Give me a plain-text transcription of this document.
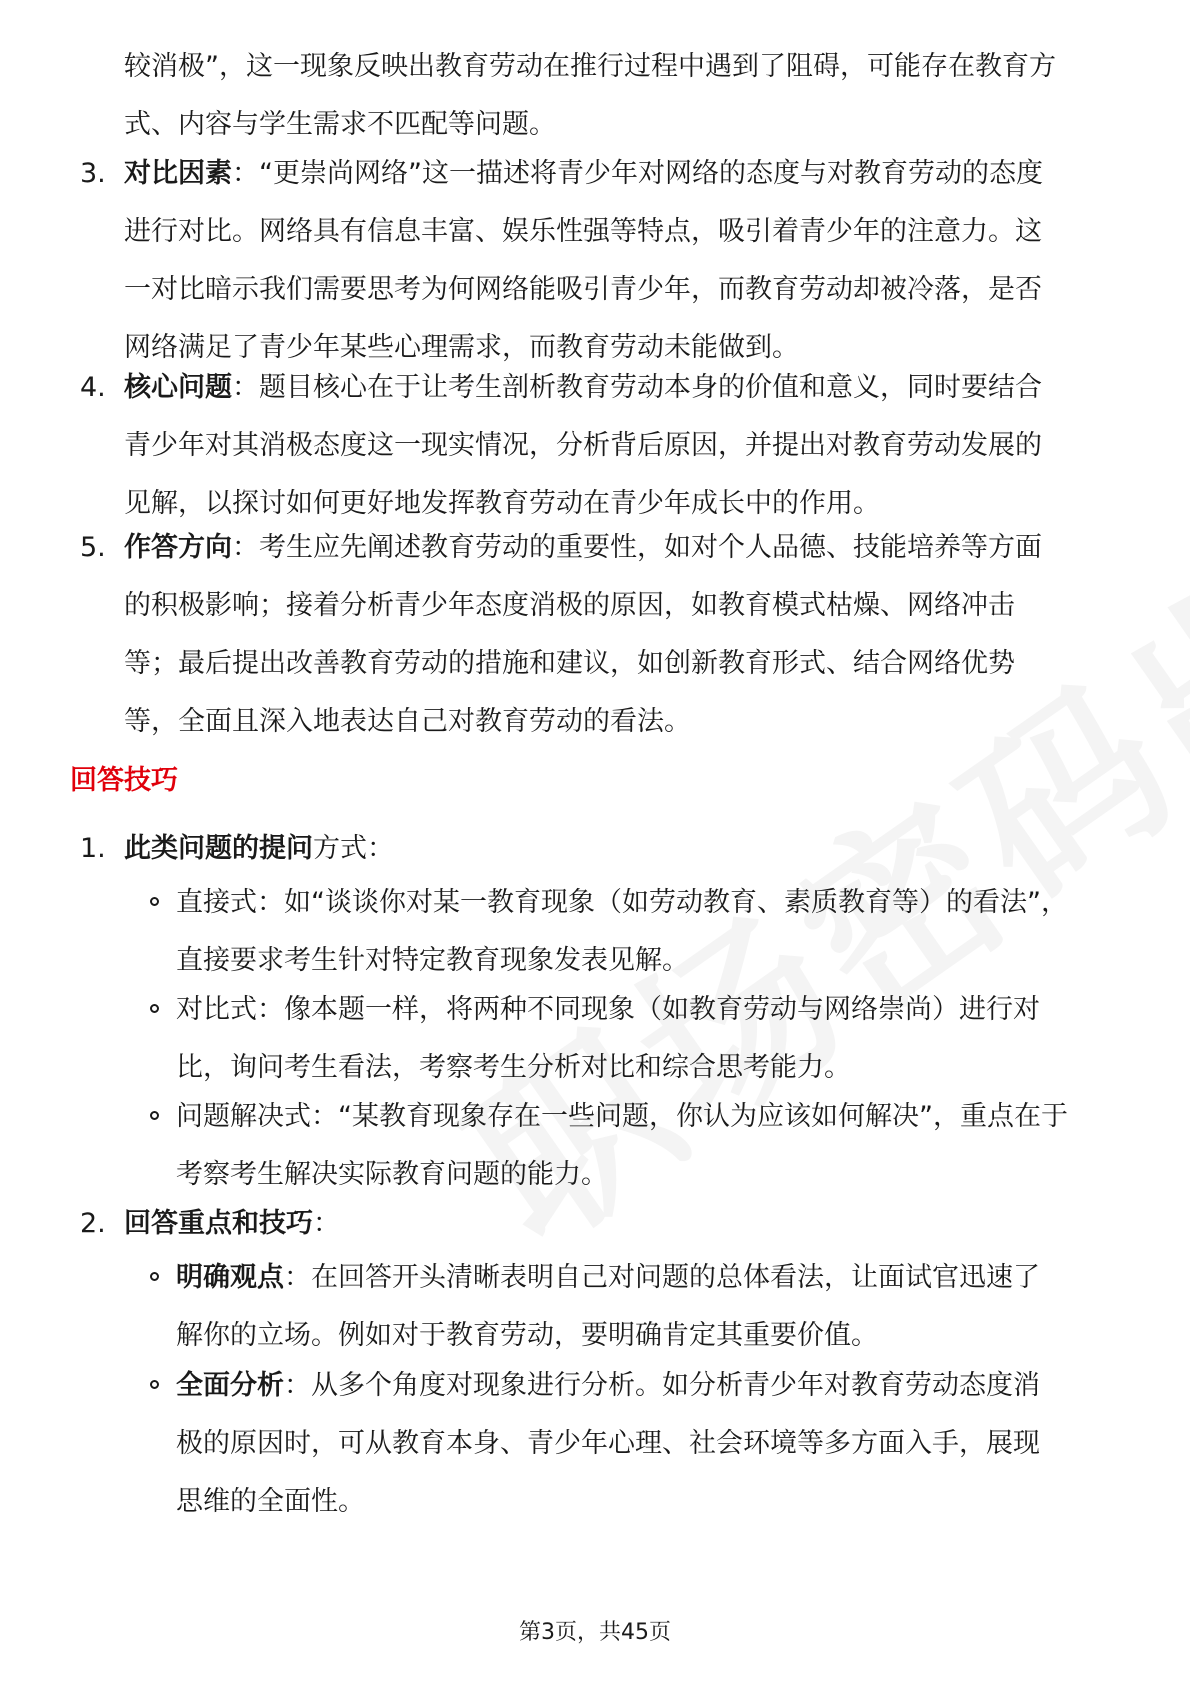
较消极”，这一现象反映出教育劳动在推行过程中遇到了阻碍，可能存在教育方
式、内容与学生需求不匹配等问题。
3. 对比因素：“更崇尚网络”这一描述将青少年对网络的态度与对教育劳动的态度
进行对比。网络具有信息丰富、娱乐性强等特点，吸引着青少年的注意力。这
一对比暗示我们需要思考为何网络能吸引青少年，而教育劳动却被冷落，是否
网络满足了青少年某些心理需求，而教育劳动未能做到。
4. 核心问题：题目核心在于让考生剖析教育劳动本身的价值和意义，同时要结合
青少年对其消极态度这一现实情况，分析背后原因，并提出对教育劳动发展的
见解，以探讨如何更好地发挥教育劳动在青少年成长中的作用。
5. 作答方向：考生应先阐述教育劳动的重要性，如对个人品德、技能培养等方面
的积极影响；接着分析青少年态度消极的原因，如教育模式枯燥、网络冲击
等；最后提出改善教育劳动的措施和建议，如创新教育形式、结合网络优势
等，全面且深入地表达自己对教育劳动的看法。
回答技巧
1. 此类问题的提问方式：
直接式：如“谈谈你对某一教育现象（如劳动教育、素质教育等）的看法”，
直接要求考生针对特定教育现象发表见解。
对比式：像本题一样，将两种不同现象（如教育劳动与网络崇尚）进行对
比，询问考生看法，考察考生分析对比和综合思考能力。
问题解决式：“某教育现象存在一些问题，你认为应该如何解决”，重点在于
考察考生解决实际教育问题的能力。
2. 回答重点和技巧：
明确观点：在回答开头清晰表明自己对问题的总体看法，让面试官迅速了
解你的立场。例如对于教育劳动，要明确肯定其重要价值。
全面分析：从多个角度对现象进行分析。如分析青少年对教育劳动态度消
极的原因时，可从教育本身、青少年心理、社会环境等多方面入手，展现
思维的全面性。
第3页，共45页
